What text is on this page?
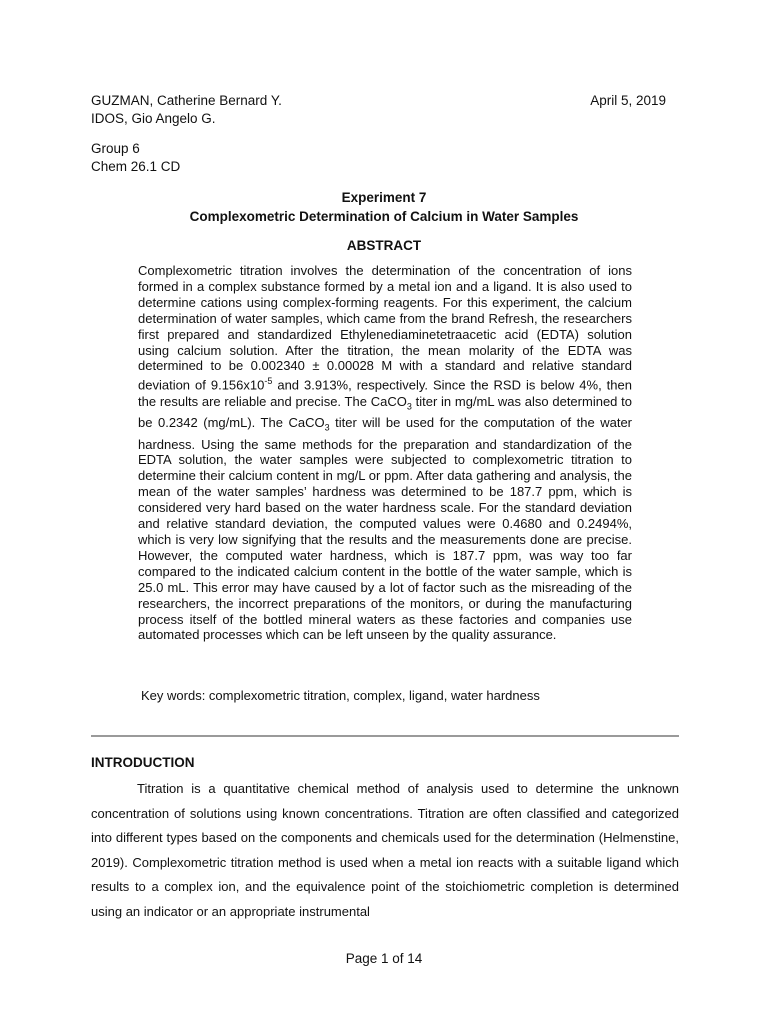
GUZMAN, Catherine Bernard Y.
IDOS, Gio Angelo G.
April 5, 2019
Group 6
Chem 26.1 CD
Experiment 7
Complexometric Determination of Calcium in Water Samples
ABSTRACT

Complexometric titration involves the determination of the concentration of ions formed in a complex substance formed by a metal ion and a ligand. It is also used to determine cations using complex-forming reagents. For this experiment, the calcium determination of water samples, which came from the brand Refresh, the researchers first prepared and standardized Ethylenediaminetetraacetic acid (EDTA) solution using calcium solution. After the titration, the mean molarity of the EDTA was determined to be 0.002340 ± 0.00028 M with a standard and relative standard deviation of $9.156x10^{-5}$ and 3.913%, respectively. Since the RSD is below 4%, then the results are reliable and precise. The CaCO$_3$ titer in mg/mL was also determined to be 0.2342 (mg/mL). The CaCO$_3$ titer will be used for the computation of the water hardness. Using the same methods for the preparation and standardization of the EDTA solution, the water samples were subjected to complexometric titration to determine their calcium content in mg/L or ppm. After data gathering and analysis, the mean of the water samples’ hardness was determined to be 187.7 ppm, which is considered very hard based on the water hardness scale. For the standard deviation and relative standard deviation, the computed values were 0.4680 and 0.2494%, which is very low signifying that the results and the measurements done are precise. However, the computed water hardness, which is 187.7 ppm, was way too far compared to the indicated calcium content in the bottle of the water sample, which is 25.0 mL. This error may have caused by a lot of factor such as the misreading of the researchers, the incorrect preparations of the monitors, or during the manufacturing process itself of the bottled mineral waters as these factories and companies use automated processes which can be left unseen by the quality assurance.

Key words: complexometric titration, complex, ligand, water hardness
INTRODUCTION

Titration is a quantitative chemical method of analysis used to determine the unknown concentration of solutions using known concentrations. Titration are often classified and categorized into different types based on the components and chemicals used for the determination (Helmenstine, 2019). Complexometric titration method is used when a metal ion reacts with a suitable ligand which results to a complex ion, and the equivalence point of the stoichiometric completion is determined using an indicator or an appropriate instrumental

Page 1 of 14
